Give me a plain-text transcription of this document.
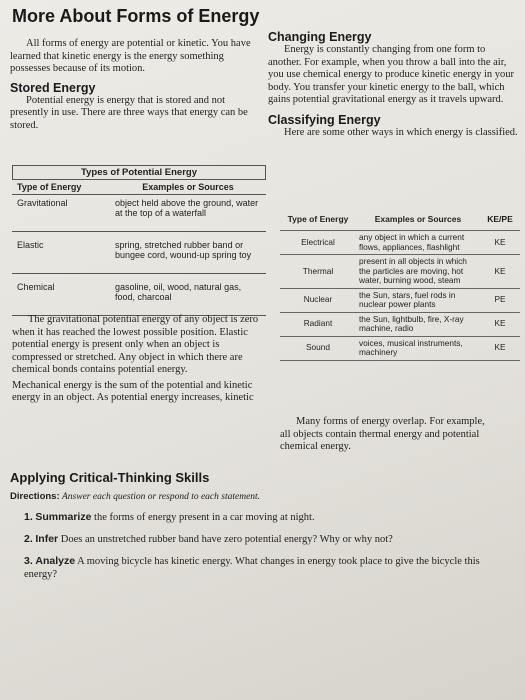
More About Forms of Energy

All forms of energy are potential or kinetic. You have learned that kinetic energy is the energy something possesses because of its motion.

Stored Energy

Potential energy is energy that is stored and not presently in use. There are three ways that energy can be stored.

Types of Potential Energy
Type of Energy	Examples or Sources
Gravitational	object held above the ground, water at the top of a waterfall
Elastic	spring, stretched rubber band or bungee cord, wound-up spring toy
Chemical	gasoline, oil, wood, natural gas, food, charcoal

The gravitational potential energy of any object is zero when it has reached the lowest possible position. Elastic potential energy is present only when an object is compressed or stretched. Any object in which there are chemical bonds contains potential energy.

Mechanical energy is the sum of the potential and kinetic energy in an object. As potential energy increases, kinetic

Changing Energy

Energy is constantly changing from one form to another. For example, when you throw a ball into the air, you use chemical energy to produce kinetic energy in your body. You transfer your kinetic energy to the ball, which gains potential gravitational energy as it travels upward.

Classifying Energy

Here are some other ways in which energy is classified.

Type of Energy	Examples or Sources	KE/PE
Electrical	any object in which a current flows, appliances, flashlight	KE
Thermal	present in all objects in which the particles are moving, hot water, burning wood, steam	KE
Nuclear	the Sun, stars, fuel rods in nuclear power plants	PE
Radiant	the Sun, lightbulb, fire, X-ray machine, radio	KE
Sound	voices, musical instruments, machinery	KE

Many forms of energy overlap. For example, all objects contain thermal energy and potential chemical energy.

Applying Critical-Thinking Skills
Directions: Answer each question or respond to each statement.
1. Summarize the forms of energy present in a car moving at night.
2. Infer Does an unstretched rubber band have zero potential energy? Why or why not?
3. Analyze A moving bicycle has kinetic energy. What changes in energy took place to give the bicycle this energy?
